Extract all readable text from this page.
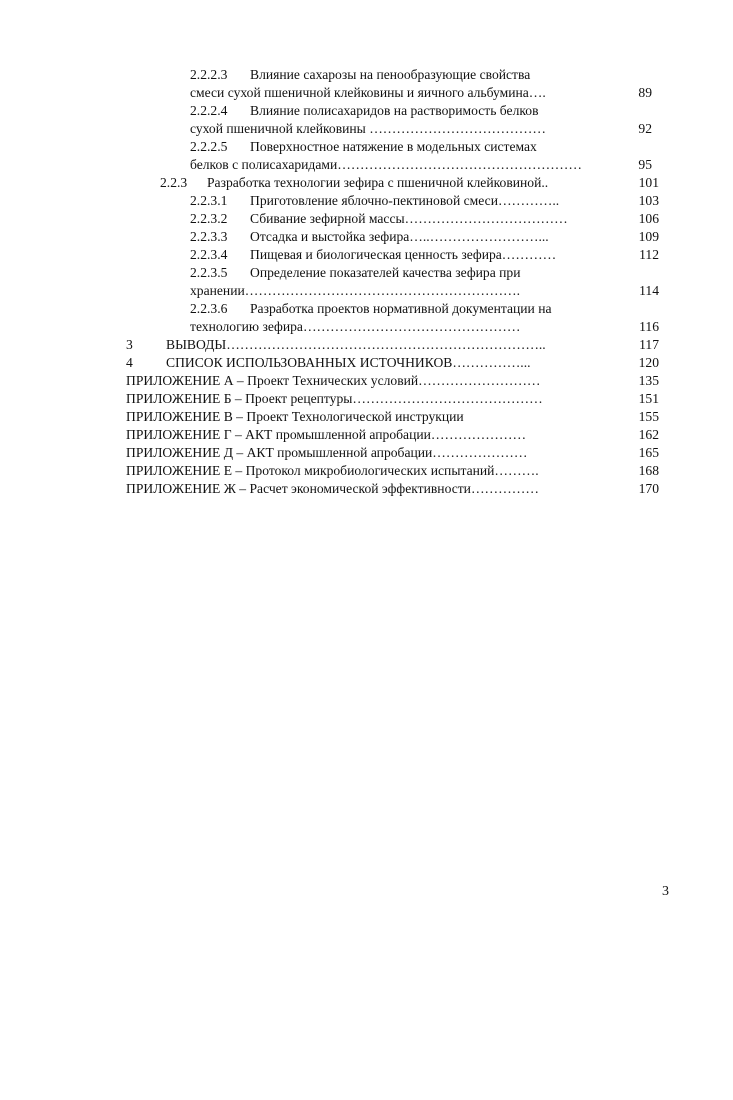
2.2.2.3 Влияние сахарозы на пенообразующие свойства
смеси сухой пшеничной клейковины и яичного альбумина….	89
2.2.2.4 Влияние полисахаридов на растворимость белков
сухой пшеничной клейковины …………………………………	92
2.2.2.5 Поверхностное натяжение в модельных системах
белков с полисахаридами………………………………………………	95
2.2.3 Разработка технологии зефира с пшеничной клейковиной..	101
2.2.3.1 Приготовление яблочно-пектиновой смеси…………..	103
2.2.3.2 Сбивание зефирной массы………………………………	106
2.2.3.3 Отсадка и выстойка зефира…..……………………...	109
2.2.3.4 Пищевая и биологическая ценность зефира…………	112
2.2.3.5 Определение показателей качества зефира при
хранении…………………………………………………….	114
2.2.3.6 Разработка проектов нормативной документации на
технологию зефира…………………………………………	116
3 ВЫВОДЫ……………………………………………………………..	117
4 СПИСОК ИСПОЛЬЗОВАННЫХ ИСТОЧНИКОВ……………...	120
ПРИЛОЖЕНИЕ А – Проект Технических условий………………………	135
ПРИЛОЖЕНИЕ Б – Проект рецептуры……………………………………	151
ПРИЛОЖЕНИЕ В – Проект Технологической инструкции	155
ПРИЛОЖЕНИЕ Г – АКТ промышленной апробации…………………	162
ПРИЛОЖЕНИЕ Д – АКТ промышленной апробации…………………	165
ПРИЛОЖЕНИЕ Е – Протокол микробиологических испытаний……….	168
ПРИЛОЖЕНИЕ Ж – Расчет экономической эффективности……………	170
3
